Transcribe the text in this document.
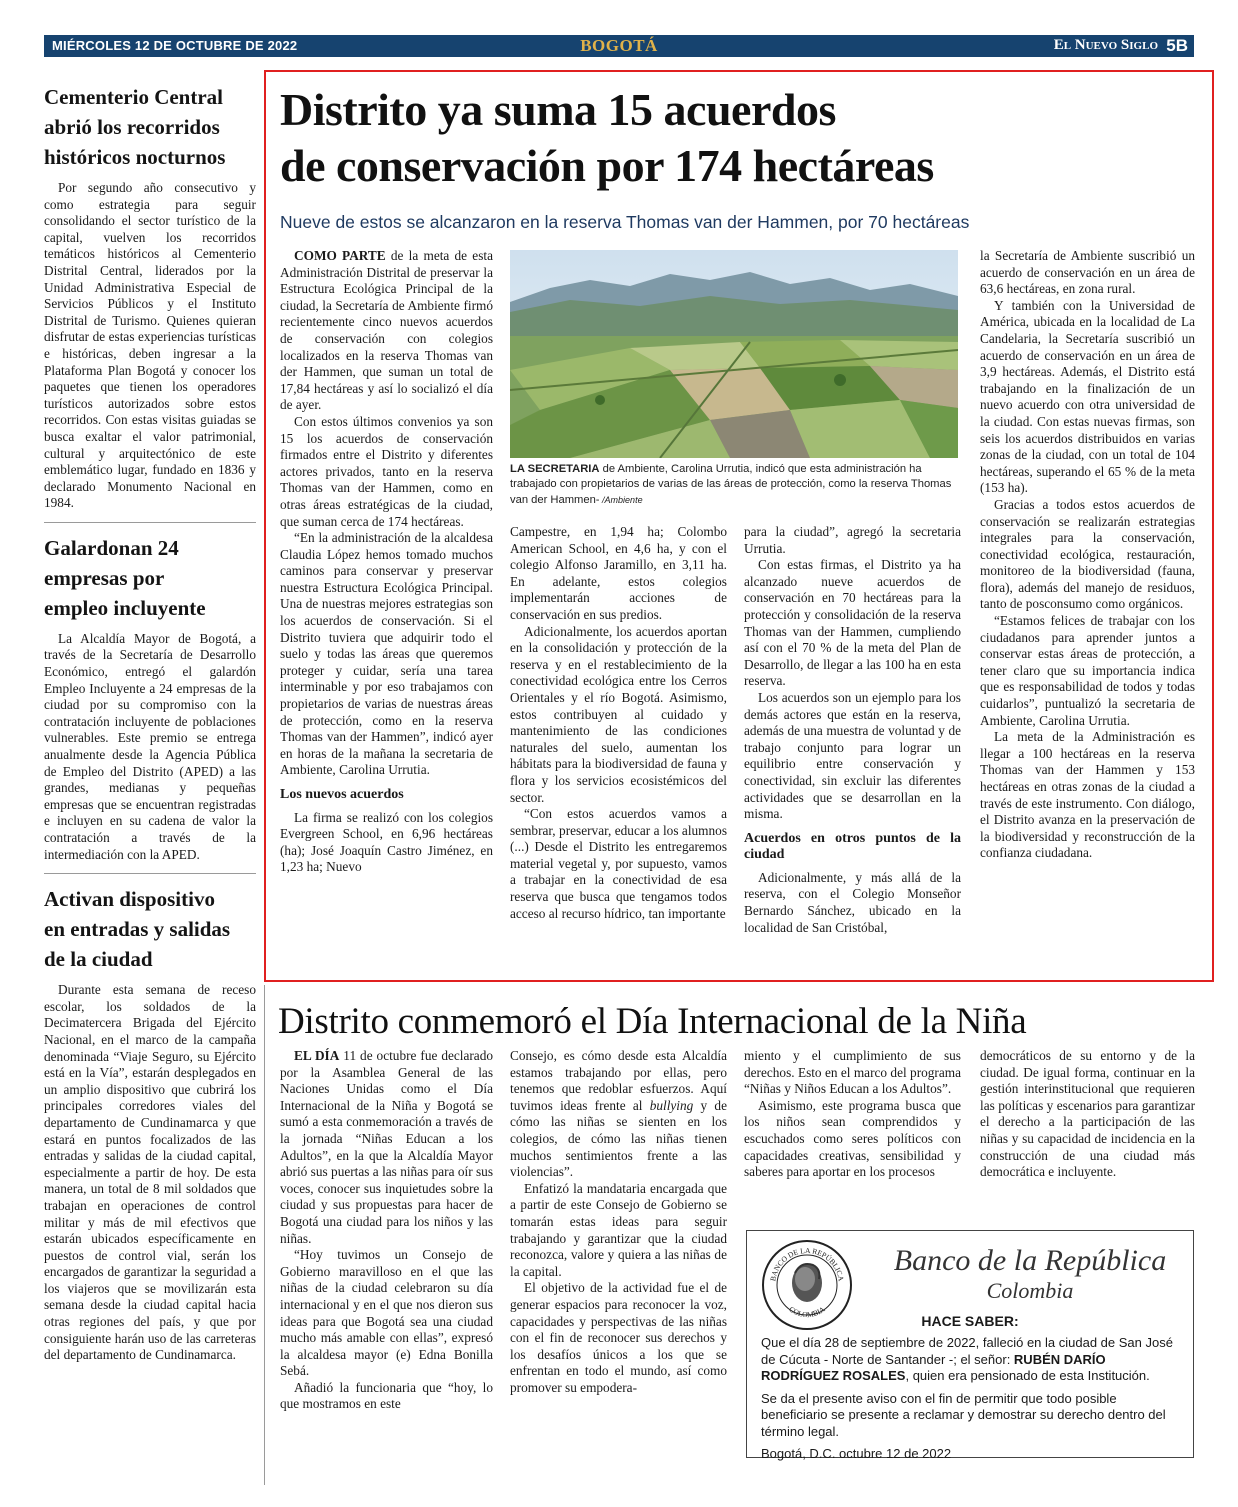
MIÉRCOLES 12 DE OCTUBRE DE 2022	BOGOTÁ	El Nuevo Siglo 5B
Cementerio Central
abrió los recorridos
históricos nocturnos

Por segundo año consecutivo y como estrategia para seguir consolidando el sector turístico de la capital, vuelven los recorridos temáticos históricos al Cementerio Distrital Central, liderados por la Unidad Administrativa Especial de Servicios Públicos y el Instituto Distrital de Turismo. Quienes quieran disfrutar de estas experiencias turísticas e históricas, deben ingresar a la Plataforma Plan Bogotá y conocer los paquetes que tienen los operadores turísticos autorizados sobre estos recorridos. Con estas visitas guiadas se busca exaltar el valor patrimonial, cultural y arquitectónico de este emblemático lugar, fundado en 1836 y declarado Monumento Nacional en 1984.

Galardonan 24
empresas por
empleo incluyente

La Alcaldía Mayor de Bogotá, a través de la Secretaría de Desarrollo Económico, entregó el galardón Empleo Incluyente a 24 empresas de la ciudad por su compromiso con la contratación incluyente de poblaciones vulnerables. Este premio se entrega anualmente desde la Agencia Pública de Empleo del Distrito (APED) a las grandes, medianas y pequeñas empresas que se encuentran registradas e incluyen en su cadena de valor la contratación a través de la intermediación con la APED.

Activan dispositivo
en entradas y salidas
de la ciudad

Durante esta semana de receso escolar, los soldados de la Decimatercera Brigada del Ejército Nacional, en el marco de la campaña denominada “Viaje Seguro, su Ejército está en la Vía”, estarán desplegados en un amplio dispositivo que cubrirá los principales corredores viales del departamento de Cundinamarca y que estará en puntos focalizados de las entradas y salidas de la ciudad capital, especialmente a partir de hoy. De esta manera, un total de 8 mil soldados que trabajan en operaciones de control militar y más de mil efectivos que estarán ubicados específicamente en puestos de control vial, serán los encargados de garantizar la seguridad a los viajeros que se movilizarán esta semana desde la ciudad capital hacia otras regiones del país, y que por consiguiente harán uso de las carreteras del departamento de Cundinamarca.

Distrito ya suma 15 acuerdos
de conservación por 174 hectáreas
Nueve de estos se alcanzaron en la reserva Thomas van der Hammen, por 70 hectáreas

COMO PARTE de la meta de esta Administración Distrital de preservar la Estructura Ecológica Principal de la ciudad, la Secretaría de Ambiente firmó recientemente cinco nuevos acuerdos de conservación con colegios localizados en la reserva Thomas van der Hammen, que suman un total de 17,84 hectáreas y así lo socializó el día de ayer.

Con estos últimos convenios ya son 15 los acuerdos de conservación firmados entre el Distrito y diferentes actores privados, tanto en la reserva Thomas van der Hammen, como en otras áreas estratégicas de la ciudad, que suman cerca de 174 hectáreas.

“En la administración de la alcaldesa Claudia López hemos tomado muchos caminos para conservar y preservar nuestra Estructura Ecológica Principal. Una de nuestras mejores estrategias son los acuerdos de conservación. Si el Distrito tuviera que adquirir todo el suelo y todas las áreas que queremos proteger y cuidar, sería una tarea interminable y por eso trabajamos con propietarios de varias de nuestras áreas de protección, como en la reserva Thomas van der Hammen”, indicó ayer en horas de la mañana la secretaria de Ambiente, Carolina Urrutia.

Los nuevos acuerdos

La firma se realizó con los colegios Evergreen School, en 6,96 hectáreas (ha); José Joaquín Castro Jiménez, en 1,23 ha; Nuevo

LA SECRETARIA de Ambiente, Carolina Urrutia, indicó que esta administración ha trabajado con propietarios de varias de las áreas de protección, como la reserva Thomas van der Hammen- /Ambiente

Campestre, en 1,94 ha; Colombo American School, en 4,6 ha, y con el colegio Alfonso Jaramillo, en 3,11 ha. En adelante, estos colegios implementarán acciones de conservación en sus predios.

Adicionalmente, los acuerdos aportan en la consolidación y protección de la reserva y en el restablecimiento de la conectividad ecológica entre los Cerros Orientales y el río Bogotá. Asimismo, estos contribuyen al cuidado y mantenimiento de las condiciones naturales del suelo, aumentan los hábitats para la biodiversidad de fauna y flora y los servicios ecosistémicos del sector.

“Con estos acuerdos vamos a sembrar, preservar, educar a los alumnos (...) Desde el Distrito les entregaremos material vegetal y, por supuesto, vamos a trabajar en la conectividad de esa reserva que busca que tengamos todos acceso al recurso hídrico, tan importante

para la ciudad”, agregó la secretaria Urrutia.

Con estas firmas, el Distrito ya ha alcanzado nueve acuerdos de conservación en 70 hectáreas para la protección y consolidación de la reserva Thomas van der Hammen, cumpliendo así con el 70 % de la meta del Plan de Desarrollo, de llegar a las 100 ha en esta reserva.

Los acuerdos son un ejemplo para los demás actores que están en la reserva, además de una muestra de voluntad y de trabajo conjunto para lograr un equilibrio entre conservación y conectividad, sin excluir las diferentes actividades que se desarrollan en la misma.

Acuerdos en otros puntos de la ciudad

Adicionalmente, y más allá de la reserva, con el Colegio Monseñor Bernardo Sánchez, ubicado en la localidad de San Cristóbal,

la Secretaría de Ambiente suscribió un acuerdo de conservación en un área de 63,6 hectáreas, en zona rural.

Y también con la Universidad de América, ubicada en la localidad de La Candelaria, la Secretaría suscribió un acuerdo de conservación en un área de 3,9 hectáreas. Además, el Distrito está trabajando en la finalización de un nuevo acuerdo con otra universidad de la ciudad. Con estas nuevas firmas, son seis los acuerdos distribuidos en varias zonas de la ciudad, con un total de 104 hectáreas, superando el 65 % de la meta (153 ha).

Gracias a todos estos acuerdos de conservación se realizarán estrategias integrales para la conservación, conectividad ecológica, restauración, monitoreo de la biodiversidad (fauna, flora), además del manejo de residuos, tanto de posconsumo como orgánicos.

“Estamos felices de trabajar con los ciudadanos para aprender juntos a conservar estas áreas de protección, a tener claro que su importancia indica que es responsabilidad de todos y todas cuidarlos”, puntualizó la secretaria de Ambiente, Carolina Urrutia.

La meta de la Administración es llegar a 100 hectáreas en la reserva Thomas van der Hammen y 153 hectáreas en otras zonas de la ciudad a través de este instrumento. Con diálogo, el Distrito avanza en la preservación de la biodiversidad y reconstrucción de la confianza ciudadana.

Distrito conmemoró el Día Internacional de la Niña

EL DÍA 11 de octubre fue declarado por la Asamblea General de las Naciones Unidas como el Día Internacional de la Niña y Bogotá se sumó a esta conmemoración a través de la jornada “Niñas Educan a los Adultos”, en la que la Alcaldía Mayor abrió sus puertas a las niñas para oír sus voces, conocer sus inquietudes sobre la ciudad y sus propuestas para hacer de Bogotá una ciudad para los niños y las niñas.

“Hoy tuvimos un Consejo de Gobierno maravilloso en el que las niñas de la ciudad celebraron su día internacional y en el que nos dieron sus ideas para que Bogotá sea una ciudad mucho más amable con ellas”, expresó la alcaldesa mayor (e) Edna Bonilla Sebá.

Añadió la funcionaria que “hoy, lo que mostramos en este

Consejo, es cómo desde esta Alcaldía estamos trabajando por ellas, pero tenemos que redoblar esfuerzos. Aquí tuvimos ideas frente al bullying y de cómo las niñas se sienten en los colegios, de cómo las niñas tienen muchos sentimientos frente a las violencias”.

Enfatizó la mandataria encargada que a partir de este Consejo de Gobierno se tomarán estas ideas para seguir trabajando y garantizar que la ciudad reconozca, valore y quiera a las niñas de la capital.

El objetivo de la actividad fue el de generar espacios para reconocer la voz, capacidades y perspectivas de las niñas con el fin de reconocer sus derechos y los desafíos únicos a los que se enfrentan en todo el mundo, así como promover su empodera-

miento y el cumplimiento de sus derechos. Esto en el marco del programa “Niñas y Niños Educan a los Adultos”.

Asimismo, este programa busca que los niños sean comprendidos y escuchados como seres políticos con capacidades creativas, sensibilidad y saberes para aportar en los procesos

democráticos de su entorno y de la ciudad. De igual forma, continuar en la gestión interinstitucional que requieren las políticas y escenarios para garantizar el derecho a la participación de las niñas y su capacidad de incidencia en la construcción de una ciudad más democrática e incluyente.

BANCO DE LA REPÚBLICA
COLOMBIA
Banco de la República
Colombia
HACE SABER:

Que el día 28 de septiembre de 2022, falleció en la ciudad de San José de Cúcuta - Norte de Santander -; el señor: RUBÉN DARÍO RODRÍGUEZ ROSALES, quien era pensionado de esta Institución.

Se da el presente aviso con el fin de permitir que todo posible beneficiario se presente a reclamar y demostrar su derecho dentro del término legal.

Bogotá, D.C. octubre 12 de 2022
